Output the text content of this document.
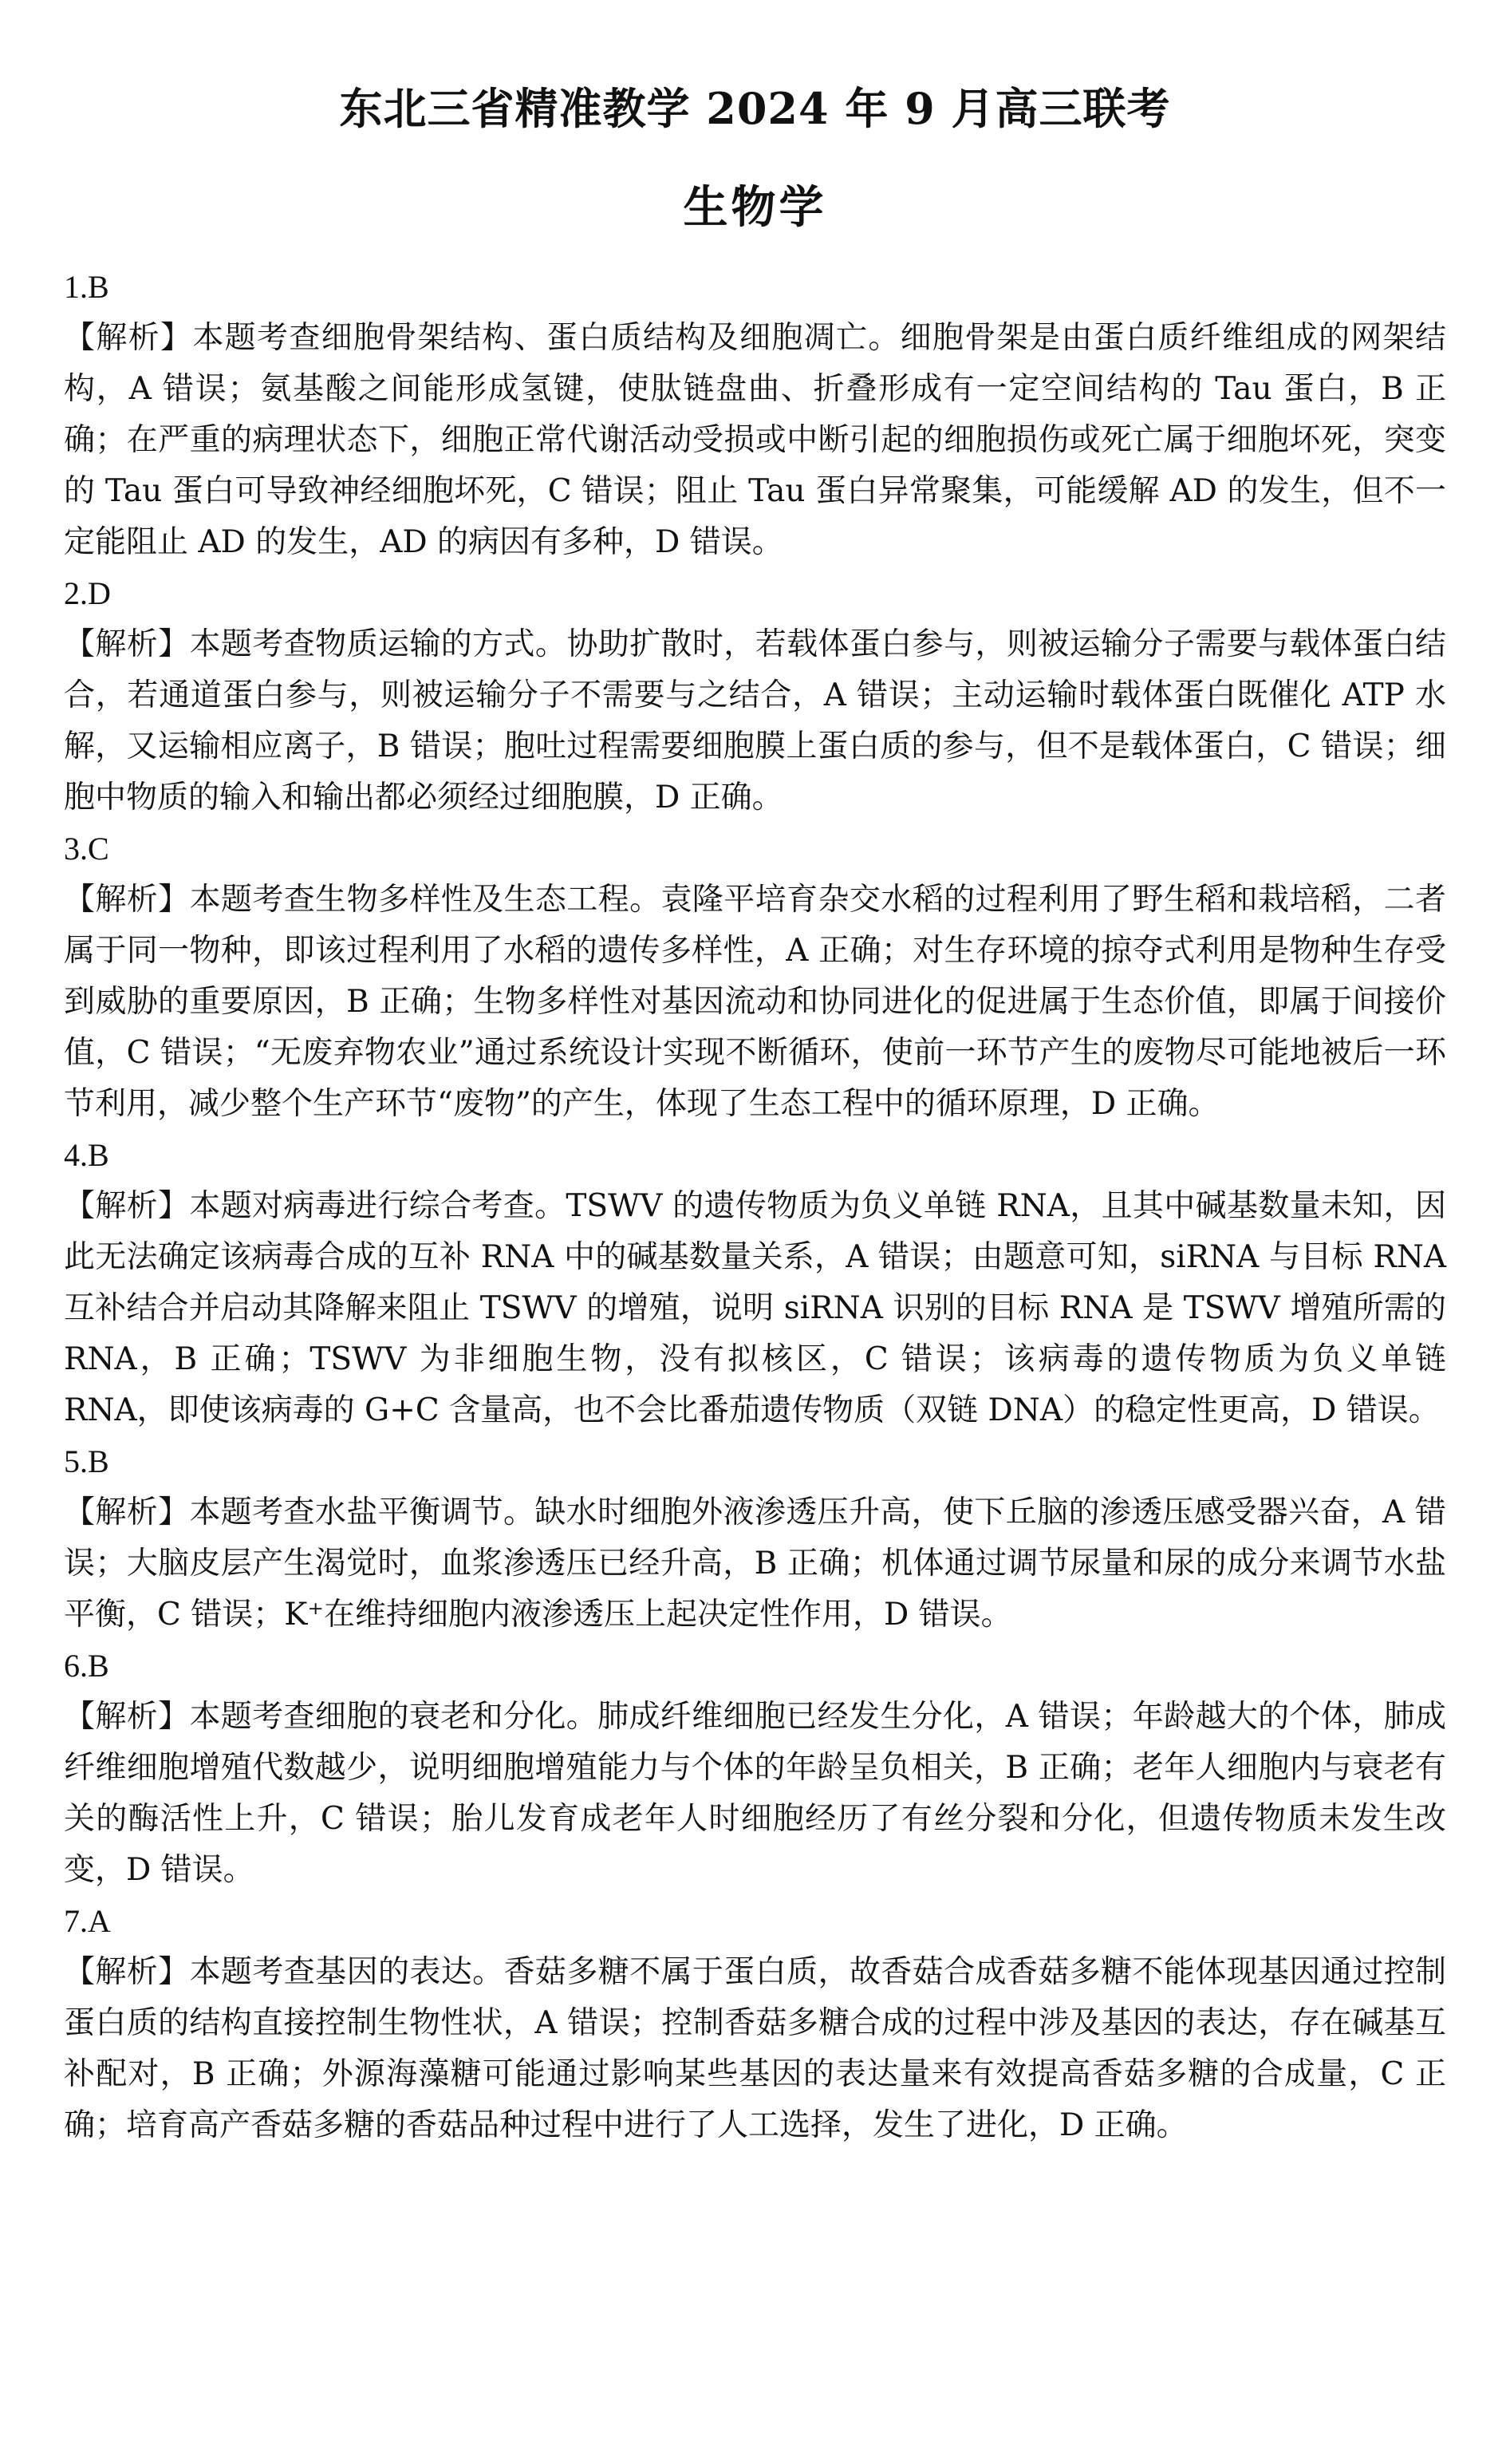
东北三省精准教学 2024 年 9 月高三联考
生物学

1.B

【解析】本题考查细胞骨架结构、蛋白质结构及细胞凋亡。细胞骨架是由蛋白质纤维组成的网架结构，A 错误；氨基酸之间能形成氢键，使肽链盘曲、折叠形成有一定空间结构的 Tau 蛋白，B 正确；在严重的病理状态下，细胞正常代谢活动受损或中断引起的细胞损伤或死亡属于细胞坏死，突变的 Tau 蛋白可导致神经细胞坏死，C 错误；阻止 Tau 蛋白异常聚集，可能缓解 AD 的发生，但不一定能阻止 AD 的发生，AD 的病因有多种，D 错误。

2.D

【解析】本题考查物质运输的方式。协助扩散时，若载体蛋白参与，则被运输分子需要与载体蛋白结合，若通道蛋白参与，则被运输分子不需要与之结合，A 错误；主动运输时载体蛋白既催化 ATP 水解，又运输相应离子，B 错误；胞吐过程需要细胞膜上蛋白质的参与，但不是载体蛋白，C 错误；细胞中物质的输入和输出都必须经过细胞膜，D 正确。

3.C

【解析】本题考查生物多样性及生态工程。袁隆平培育杂交水稻的过程利用了野生稻和栽培稻，二者属于同一物种，即该过程利用了水稻的遗传多样性，A 正确；对生存环境的掠夺式利用是物种生存受到威胁的重要原因，B 正确；生物多样性对基因流动和协同进化的促进属于生态价值，即属于间接价值，C 错误；“无废弃物农业”通过系统设计实现不断循环，使前一环节产生的废物尽可能地被后一环节利用，减少整个生产环节“废物”的产生，体现了生态工程中的循环原理，D 正确。

4.B

【解析】本题对病毒进行综合考查。TSWV 的遗传物质为负义单链 RNA，且其中碱基数量未知，因此无法确定该病毒合成的互补 RNA 中的碱基数量关系，A 错误；由题意可知，siRNA 与目标 RNA 互补结合并启动其降解来阻止 TSWV 的增殖，说明 siRNA 识别的目标 RNA 是 TSWV 增殖所需的 RNA，B 正确；TSWV 为非细胞生物，没有拟核区，C 错误；该病毒的遗传物质为负义单链 RNA，即使该病毒的 G+C 含量高，也不会比番茄遗传物质（双链 DNA）的稳定性更高，D 错误。

5.B

【解析】本题考查水盐平衡调节。缺水时细胞外液渗透压升高，使下丘脑的渗透压感受器兴奋，A 错误；大脑皮层产生渴觉时，血浆渗透压已经升高，B 正确；机体通过调节尿量和尿的成分来调节水盐平衡，C 错误；K⁺在维持细胞内液渗透压上起决定性作用，D 错误。

6.B

【解析】本题考查细胞的衰老和分化。肺成纤维细胞已经发生分化，A 错误；年龄越大的个体，肺成纤维细胞增殖代数越少，说明细胞增殖能力与个体的年龄呈负相关，B 正确；老年人细胞内与衰老有关的酶活性上升，C 错误；胎儿发育成老年人时细胞经历了有丝分裂和分化，但遗传物质未发生改变，D 错误。

7.A

【解析】本题考查基因的表达。香菇多糖不属于蛋白质，故香菇合成香菇多糖不能体现基因通过控制蛋白质的结构直接控制生物性状，A 错误；控制香菇多糖合成的过程中涉及基因的表达，存在碱基互补配对，B 正确；外源海藻糖可能通过影响某些基因的表达量来有效提高香菇多糖的合成量，C 正确；培育高产香菇多糖的香菇品种过程中进行了人工选择，发生了进化，D 正确。
